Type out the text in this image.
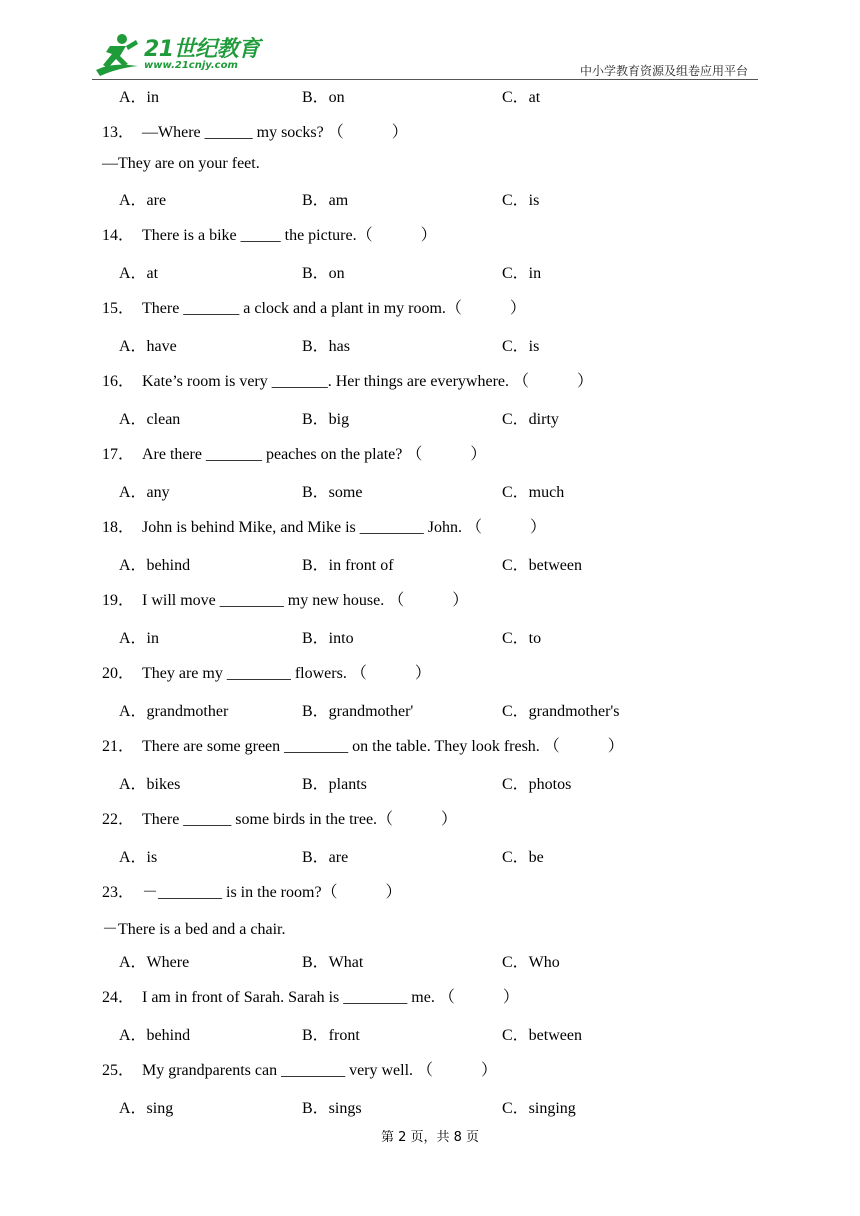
21世纪教育
www.21cnjy.com	中小学教育资源及组卷应用平台
A．in	B．on	C．at
13． —Where ______ my socks? （　　　）
—They are on your feet.
A．are	B．am	C．is
14． There is a bike _____ the picture.（　　　）
A．at	B．on	C．in
15． There _______ a clock and a plant in my room.（　　　）
A．have	B．has	C．is
16． Kate’s room is very _______. Her things are everywhere. （　　　）
A．clean	B．big	C．dirty
17． Are there _______ peaches on the plate? （　　　）
A．any	B．some	C．much
18． John is behind Mike, and Mike is ________ John. （　　　）
A．behind	B．in front of	C．between
19． I will move ________ my new house. （　　　）
A．in	B．into	C．to
20． They are my ________ flowers. （　　　）
A．grandmother	B．grandmother'	C．grandmother's
21． There are some green ________ on the table. They look fresh. （　　　）
A．bikes	B．plants	C．photos
22． There ______ some birds in the tree.（　　　）
A．is	B．are	C．be
23． －________ is in the room?（　　　）
－There is a bed and a chair.
A．Where	B．What	C．Who
24． I am in front of Sarah. Sarah is ________ me. （　　　）
A．behind	B．front	C．between
25． My grandparents can ________ very well. （　　　）
A．sing	B．sings	C．singing
第 2 页，共 8 页
